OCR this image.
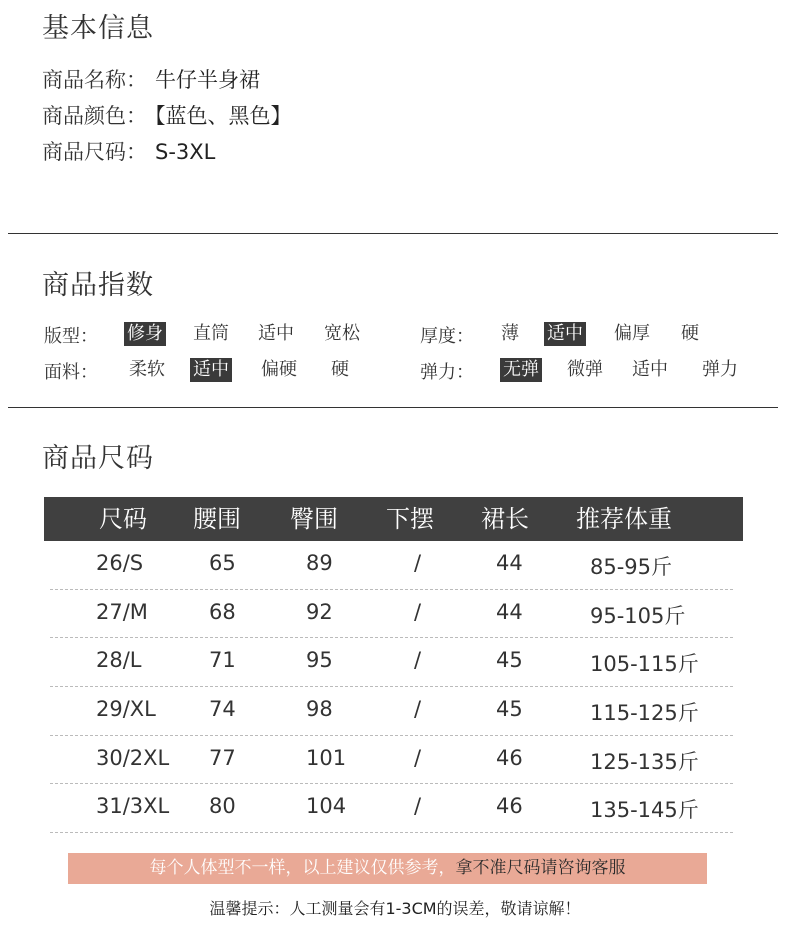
基本信息
商品名称： 牛仔半身裙
商品颜色： 【蓝色、黑色】
商品尺码： S-3XL
商品指数
版型： 修身 直筒 适中 宽松	厚度： 薄 适中 偏厚 硬
面料： 柔软 适中 偏硬 硬	弹力： 无弹 微弹 适中 弹力
商品尺码
尺码 腰围 臀围 下摆 裙长 推荐体重
26/S	65	89	/	44	85-95斤
27/M	68	92	/	44	95-105斤
28/L	71	95	/	45	105-115斤
29/XL	74	98	/	45	115-125斤
30/2XL 77	101	/	46	125-135斤
31/3XL 80	104	/	46	135-145斤
每个人体型不一样，以上建议仅供参考，拿不准尺码请咨询客服
温馨提示：人工测量会有1-3CM的误差，敬请谅解！
